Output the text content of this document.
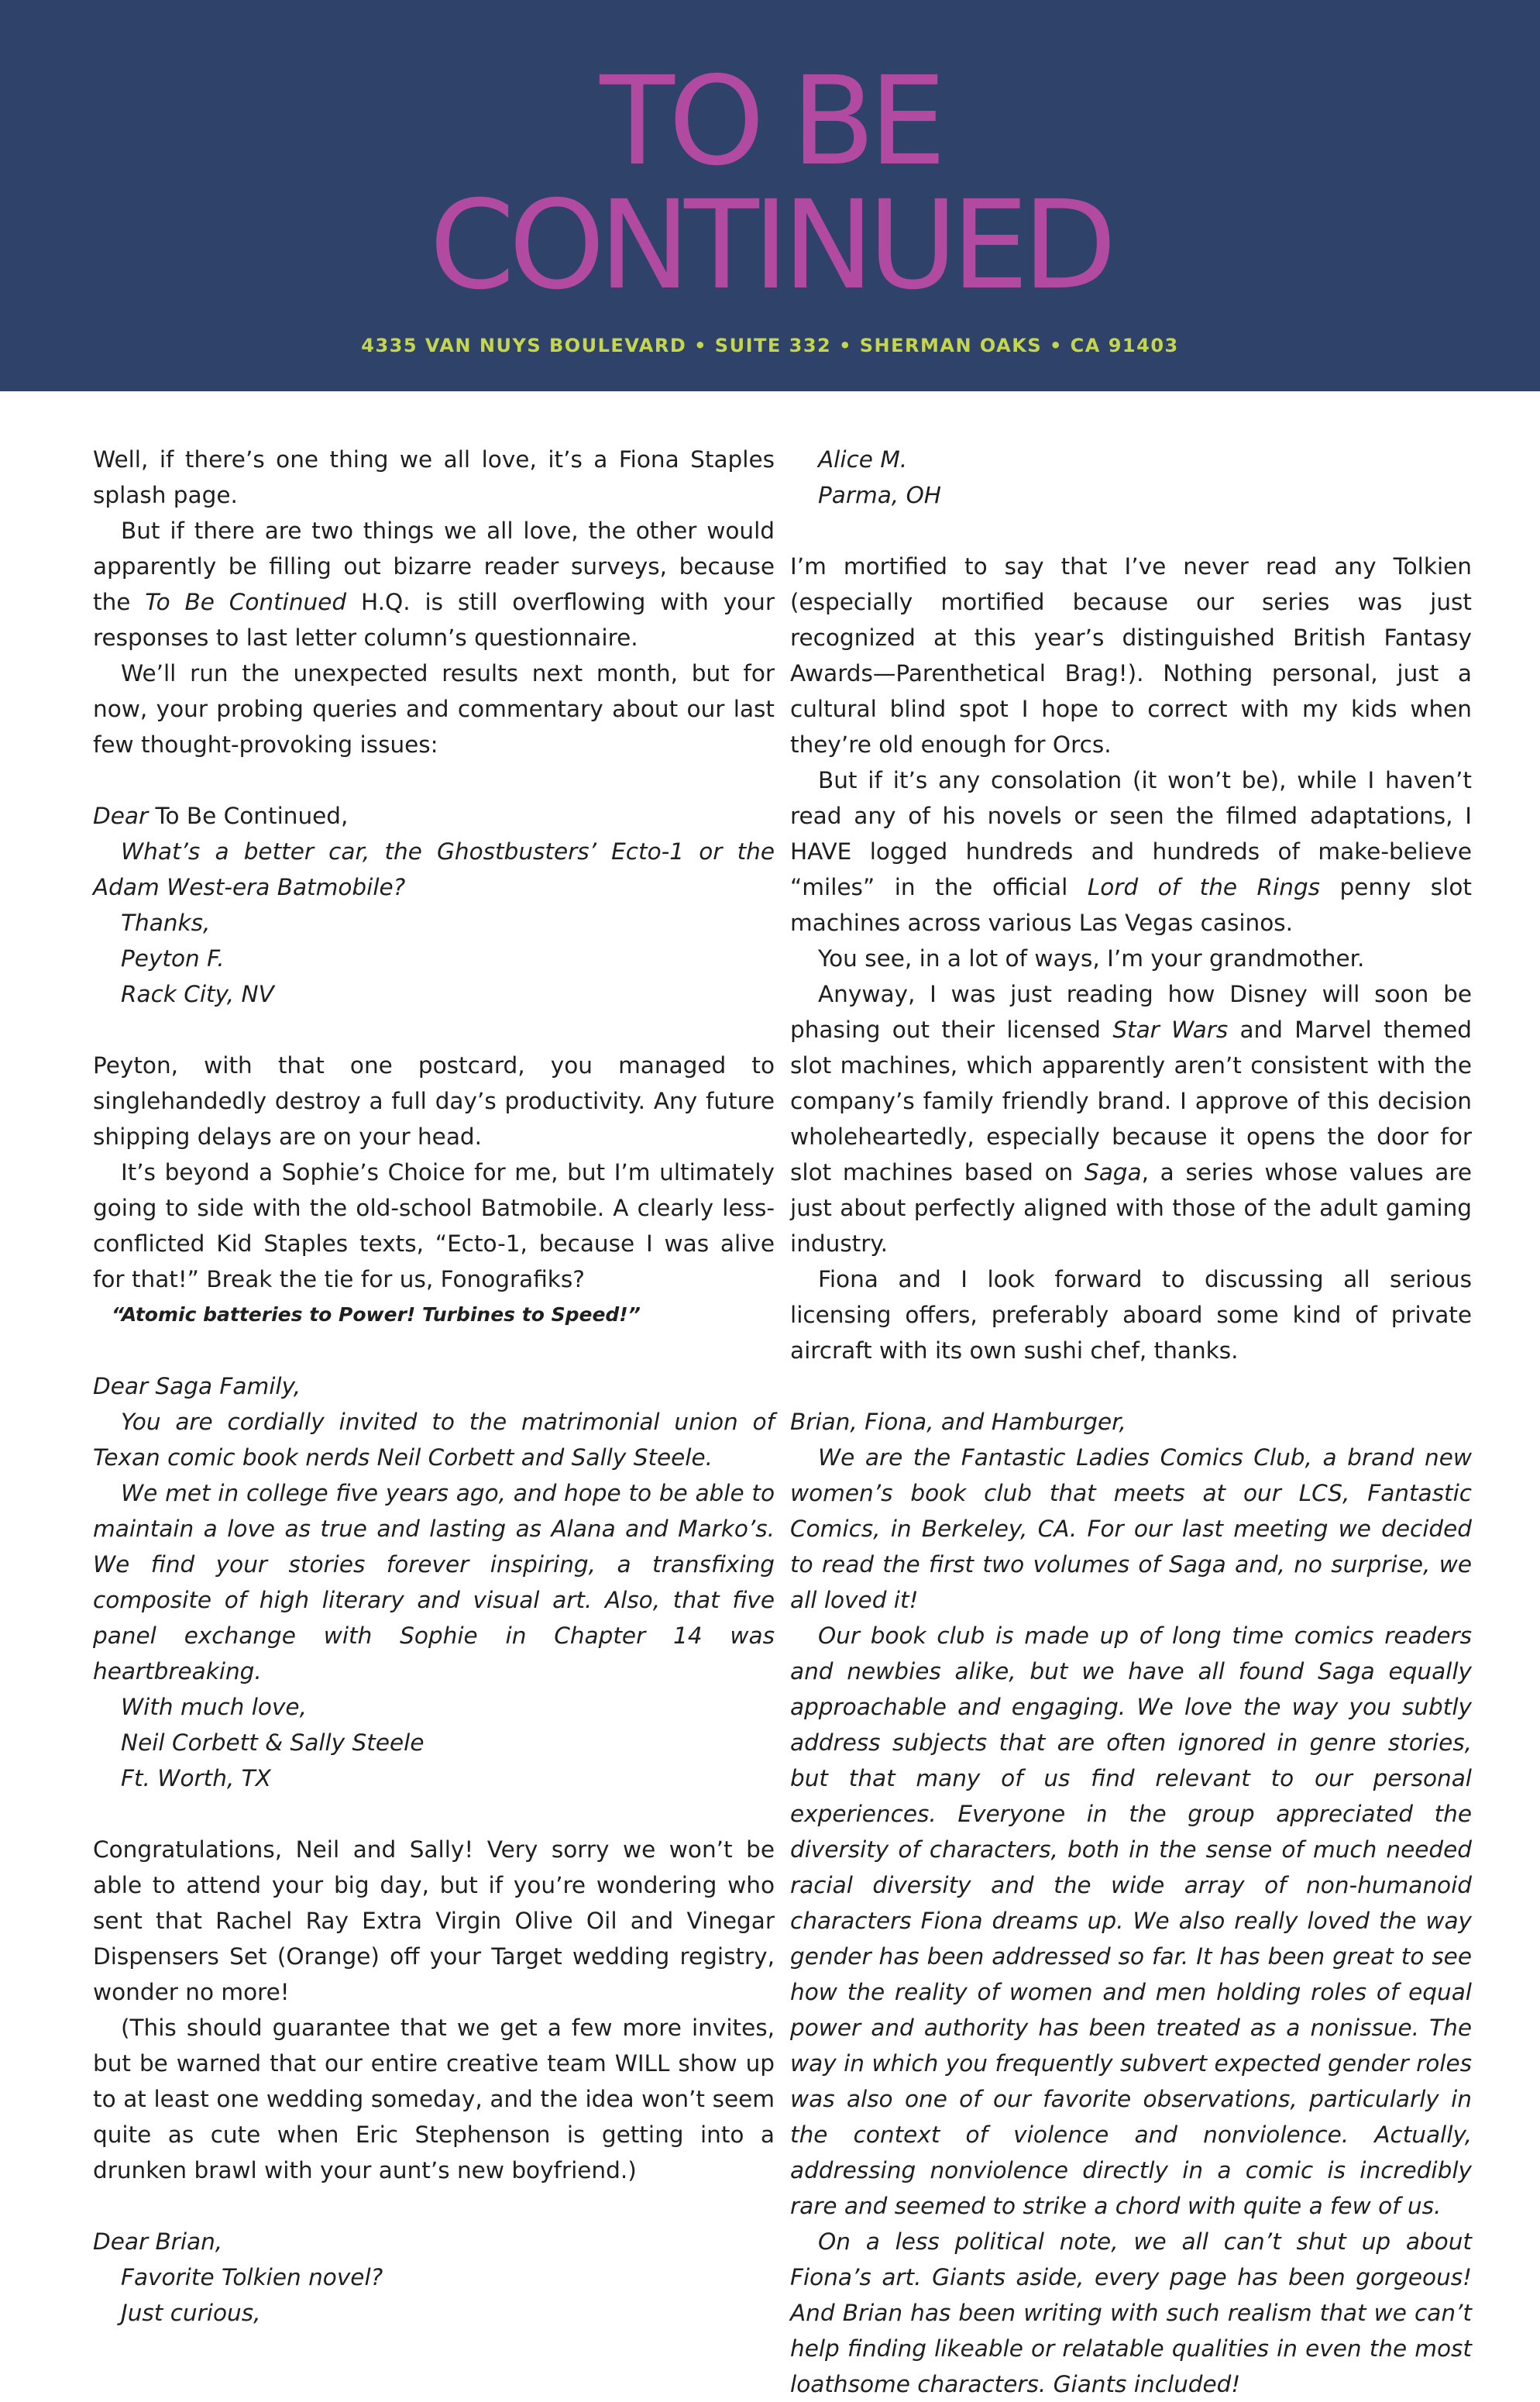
TO BE
CONTINUED
4335 VAN NUYS BOULEVARD • SUITE 332 • SHERMAN OAKS • CA 91403

Well, if there’s one thing we all love, it’s a Fiona Staples splash page.

But if there are two things we all love, the other would apparently be filling out bizarre reader surveys, because the To Be Continued H.Q. is still overflowing with your responses to last letter column’s questionnaire.

We’ll run the unexpected results next month, but for now, your probing queries and commentary about our last few thought-provoking issues:

Dear To Be Continued,

What’s a better car, the Ghostbusters’ Ecto-1 or the Adam West-era Batmobile?

Thanks,

Peyton F.

Rack City, NV

Peyton, with that one postcard, you managed to singlehandedly destroy a full day’s productivity. Any future shipping delays are on your head.

It’s beyond a Sophie’s Choice for me, but I’m ultimately going to side with the old-school Batmobile. A clearly less-conflicted Kid Staples texts, “Ecto-1, because I was alive for that!” Break the tie for us, Fonografiks?

“Atomic batteries to Power! Turbines to Speed!”

Dear Saga Family,

You are cordially invited to the matrimonial union of Texan comic book nerds Neil Corbett and Sally Steele.

We met in college five years ago, and hope to be able to maintain a love as true and lasting as Alana and Marko’s. We find your stories forever inspiring, a transfixing composite of high literary and visual art. Also, that five panel exchange with Sophie in Chapter 14 was heartbreaking.

With much love,

Neil Corbett & Sally Steele

Ft. Worth, TX

Congratulations, Neil and Sally! Very sorry we won’t be able to attend your big day, but if you’re wondering who sent that Rachel Ray Extra Virgin Olive Oil and Vinegar Dispensers Set (Orange) off your Target wedding registry, wonder no more!

(This should guarantee that we get a few more invites, but be warned that our entire creative team WILL show up to at least one wedding someday, and the idea won’t seem quite as cute when Eric Stephenson is getting into a drunken brawl with your aunt’s new boyfriend.)

Dear Brian,

Favorite Tolkien novel?

Just curious,

Alice M.

Parma, OH

I’m mortified to say that I’ve never read any Tolkien (especially mortified because our series was just recognized at this year’s distinguished British Fantasy Awards—Parenthetical Brag!). Nothing personal, just a cultural blind spot I hope to correct with my kids when they’re old enough for Orcs.

But if it’s any consolation (it won’t be), while I haven’t read any of his novels or seen the filmed adaptations, I HAVE logged hundreds and hundreds of make-believe “miles” in the official Lord of the Rings penny slot machines across various Las Vegas casinos.

You see, in a lot of ways, I’m your grandmother.

Anyway, I was just reading how Disney will soon be phasing out their licensed Star Wars and Marvel themed slot machines, which apparently aren’t consistent with the company’s family friendly brand. I approve of this decision wholeheartedly, especially because it opens the door for slot machines based on Saga, a series whose values are just about perfectly aligned with those of the adult gaming industry.

Fiona and I look forward to discussing all serious licensing offers, preferably aboard some kind of private aircraft with its own sushi chef, thanks.

Brian, Fiona, and Hamburger,

We are the Fantastic Ladies Comics Club, a brand new women’s book club that meets at our LCS, Fantastic Comics, in Berkeley, CA. For our last meeting we decided to read the first two volumes of Saga and, no surprise, we all loved it!

Our book club is made up of long time comics readers and newbies alike, but we have all found Saga equally approachable and engaging. We love the way you subtly address subjects that are often ignored in genre stories, but that many of us find relevant to our personal experiences. Everyone in the group appreciated the diversity of characters, both in the sense of much needed racial diversity and the wide array of non-humanoid characters Fiona dreams up. We also really loved the way gender has been addressed so far. It has been great to see how the reality of women and men holding roles of equal power and authority has been treated as a nonissue. The way in which you frequently subvert expected gender roles was also one of our favorite observations, particularly in the context of violence and nonviolence. Actually, addressing nonviolence directly in a comic is incredibly rare and seemed to strike a chord with quite a few of us.

On a less political note, we all can’t shut up about Fiona’s art. Giants aside, every page has been gorgeous! And Brian has been writing with such realism that we can’t help finding likeable or relatable qualities in even the most loathsome characters. Giants included!
